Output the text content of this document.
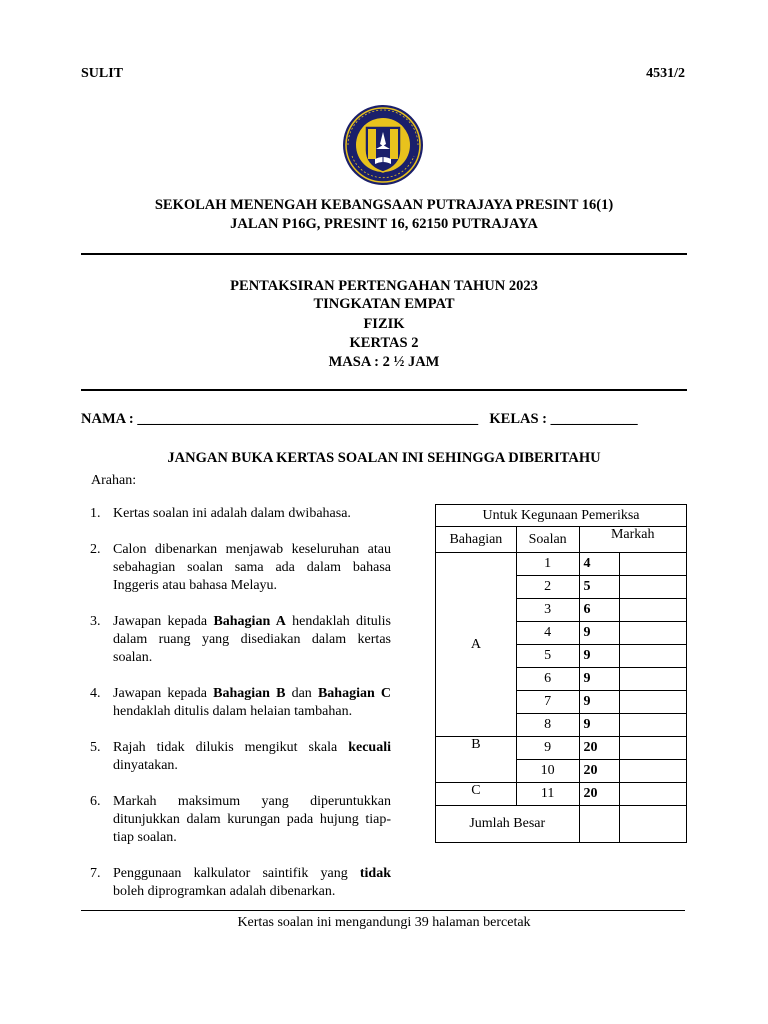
SULIT	4531/2
SEKOLAH MENENGAH KEBANGSAAN PUTRAJAYA PRESINT 16(1)
JALAN P16G, PRESINT 16, 62150 PUTRAJAYA
PENTAKSIRAN PERTENGAHAN TAHUN 2023
TINGKATAN EMPAT
FIZIK
KERTAS 2
MASA : 2 ½ JAM
NAMA : _______________________________________________ KELAS : ____________
JANGAN BUKA KERTAS SOALAN INI SEHINGGA DIBERITAHU
Arahan:
1. Kertas soalan ini adalah dalam dwibahasa.
2. Calon dibenarkan menjawab keseluruhan atau sebahagian soalan sama ada dalam bahasa Inggeris atau bahasa Melayu.
3. Jawapan kepada Bahagian A hendaklah ditulis dalam ruang yang disediakan dalam kertas soalan.
4. Jawapan kepada Bahagian B dan Bahagian C hendaklah ditulis dalam helaian tambahan.
5. Rajah tidak dilukis mengikut skala kecuali dinyatakan.
6. Markah maksimum yang diperuntukkan ditunjukkan dalam kurungan pada hujung tiap-tiap soalan.
7. Penggunaan kalkulator saintifik yang tidak boleh diprogramkan adalah dibenarkan.
Untuk Kegunaan Pemeriksa			
Bahagian	Soalan	Markah	
A	1	4	
	2	5	
	3	6	
	4	9	
	5	9	
	6	9	
	7	9	
	8	9	
B	9	20	
	10	20	
C	11	20	
Jumlah Besar			
Kertas soalan ini mengandungi 39 halaman bercetak
